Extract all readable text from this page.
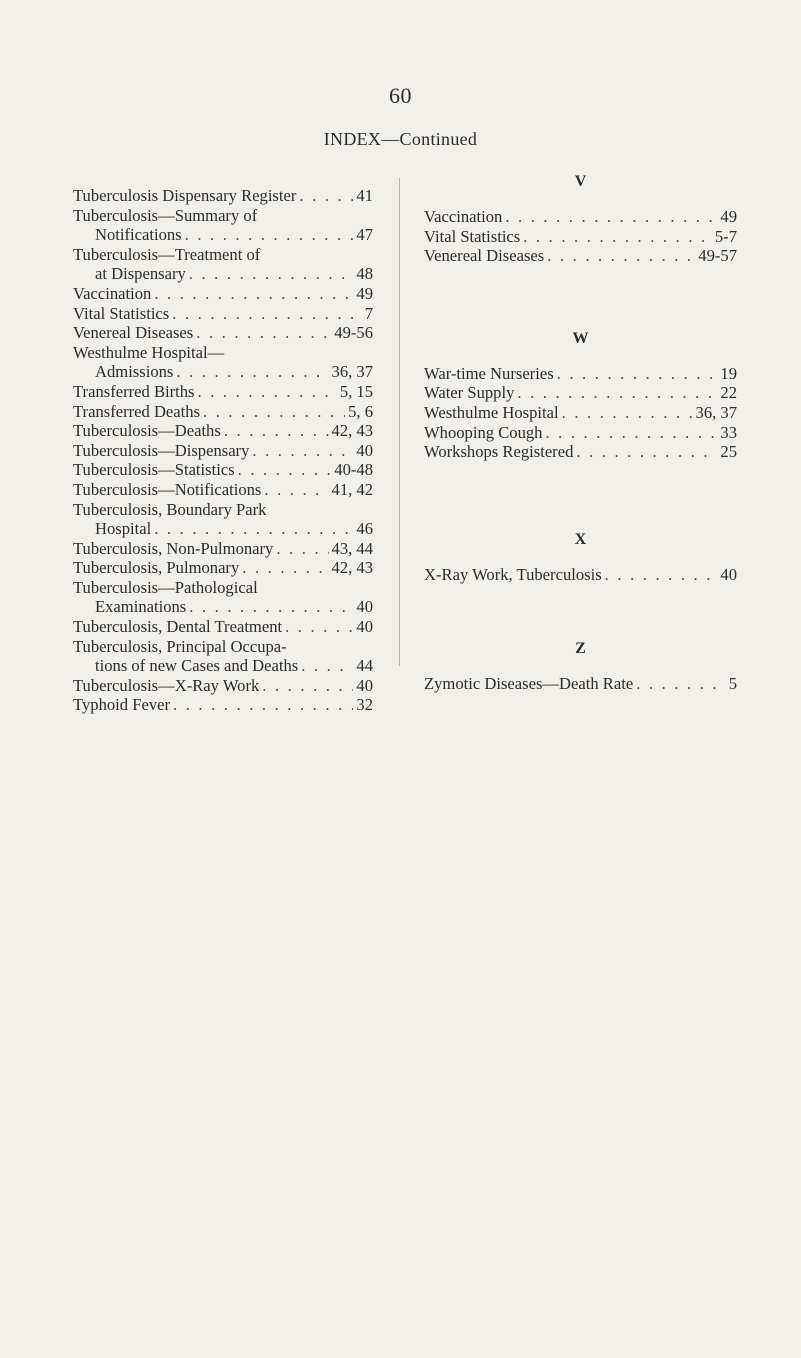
60
INDEX—Continued
Tuberculosis Dispensary Register . . .	41
Tuberculosis—Summary of
Notifications . . .	47
Tuberculosis—Treatment of
at Dispensary . . .	48
Vaccination . . .	49
Vital Statistics . . .	7
Venereal Diseases . . .	49-56
Westhulme Hospital—
Admissions . . .	36, 37
Transferred Births . . .	5, 15
Transferred Deaths . . .	5, 6
Tuberculosis—Deaths . . .	42, 43
Tuberculosis—Dispensary . . .	40
Tuberculosis—Statistics . . .	40-48
Tuberculosis—Notifications . . .	41, 42
Tuberculosis, Boundary Park
Hospital . . .	46
Tuberculosis, Non-Pulmonary . . .	43, 44
Tuberculosis, Pulmonary . . .	42, 43
Tuberculosis—Pathological
Examinations . . .	40
Tuberculosis, Dental Treatment . . .	40
Tuberculosis, Principal Occupa-
tions of new Cases and Deaths . . .	44
Tuberculosis—X-Ray Work . . .	40
Typhoid Fever . . .	32
V
Vaccination . . .	49
Vital Statistics . . .	5-7
Venereal Diseases . . .	49-57
W
War-time Nurseries . . .	19
Water Supply . . .	22
Westhulme Hospital . . .	36, 37
Whooping Cough . . .	33
Workshops Registered . . .	25
X
X-Ray Work, Tuberculosis . . .	40
Z
Zymotic Diseases—Death Rate . . .	5
